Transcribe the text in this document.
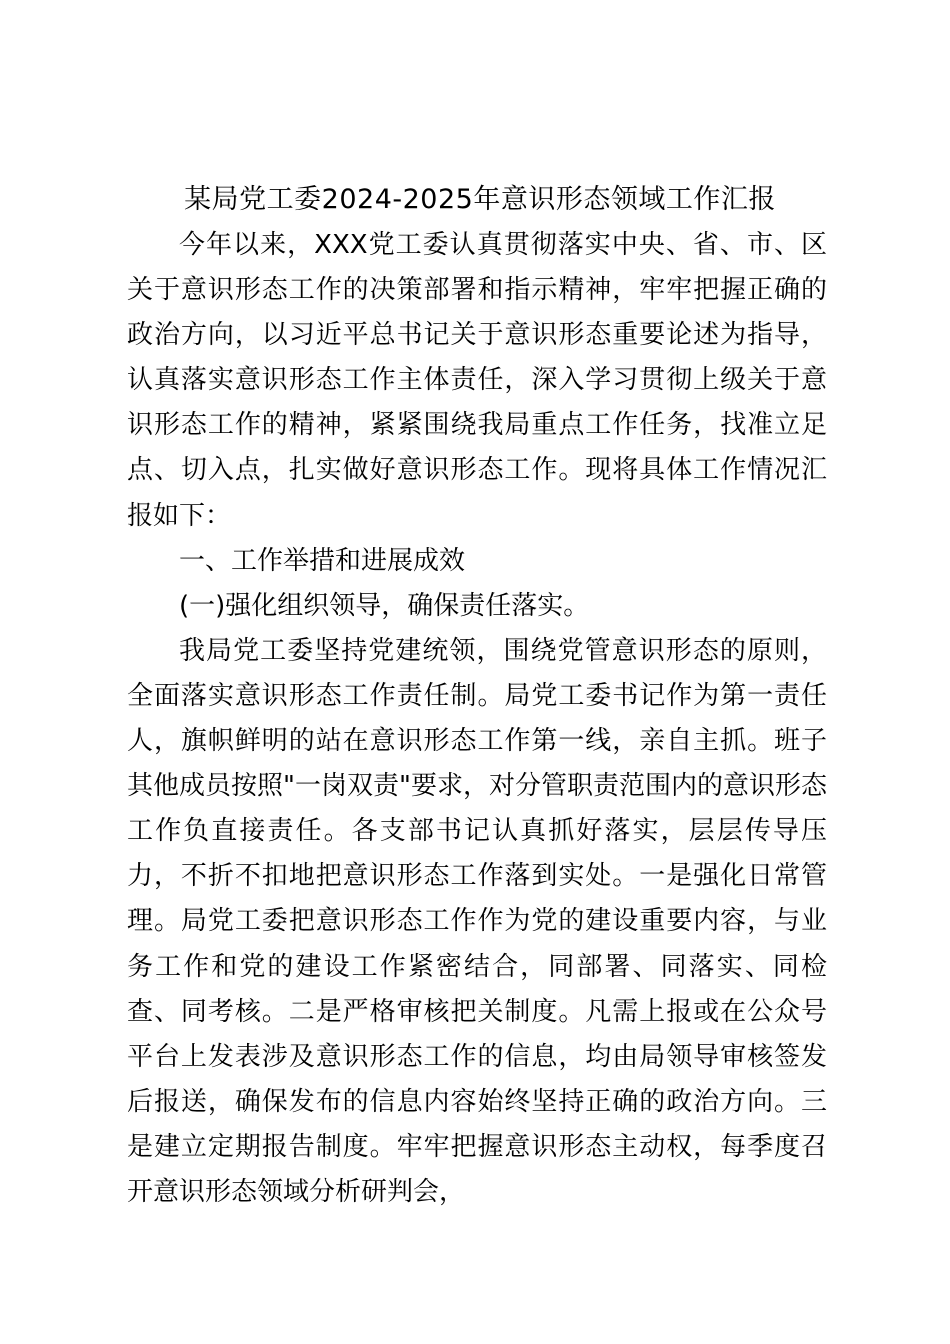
某局党工委2024-2025年意识形态领域工作汇报

今年以来，XXX党工委认真贯彻落实中央、省、市、区关于意识形态工作的决策部署和指示精神，牢牢把握正确的政治方向，以习近平总书记关于意识形态重要论述为指导，认真落实意识形态工作主体责任，深入学习贯彻上级关于意识形态工作的精神，紧紧围绕我局重点工作任务，找准立足点、切入点，扎实做好意识形态工作。现将具体工作情况汇报如下：

一、工作举措和进展成效

(一)强化组织领导，确保责任落实。

我局党工委坚持党建统领，围绕党管意识形态的原则，全面落实意识形态工作责任制。局党工委书记作为第一责任人，旗帜鲜明的站在意识形态工作第一线，亲自主抓。班子其他成员按照"一岗双责"要求，对分管职责范围内的意识形态工作负直接责任。各支部书记认真抓好落实，层层传导压力，不折不扣地把意识形态工作落到实处。一是强化日常管理。局党工委把意识形态工作作为党的建设重要内容，与业务工作和党的建设工作紧密结合，同部署、同落实、同检查、同考核。二是严格审核把关制度。凡需上报或在公众号平台上发表涉及意识形态工作的信息，均由局领导审核签发后报送，确保发布的信息内容始终坚持正确的政治方向。三是建立定期报告制度。牢牢把握意识形态主动权，每季度召开意识形态领域分析研判会，
